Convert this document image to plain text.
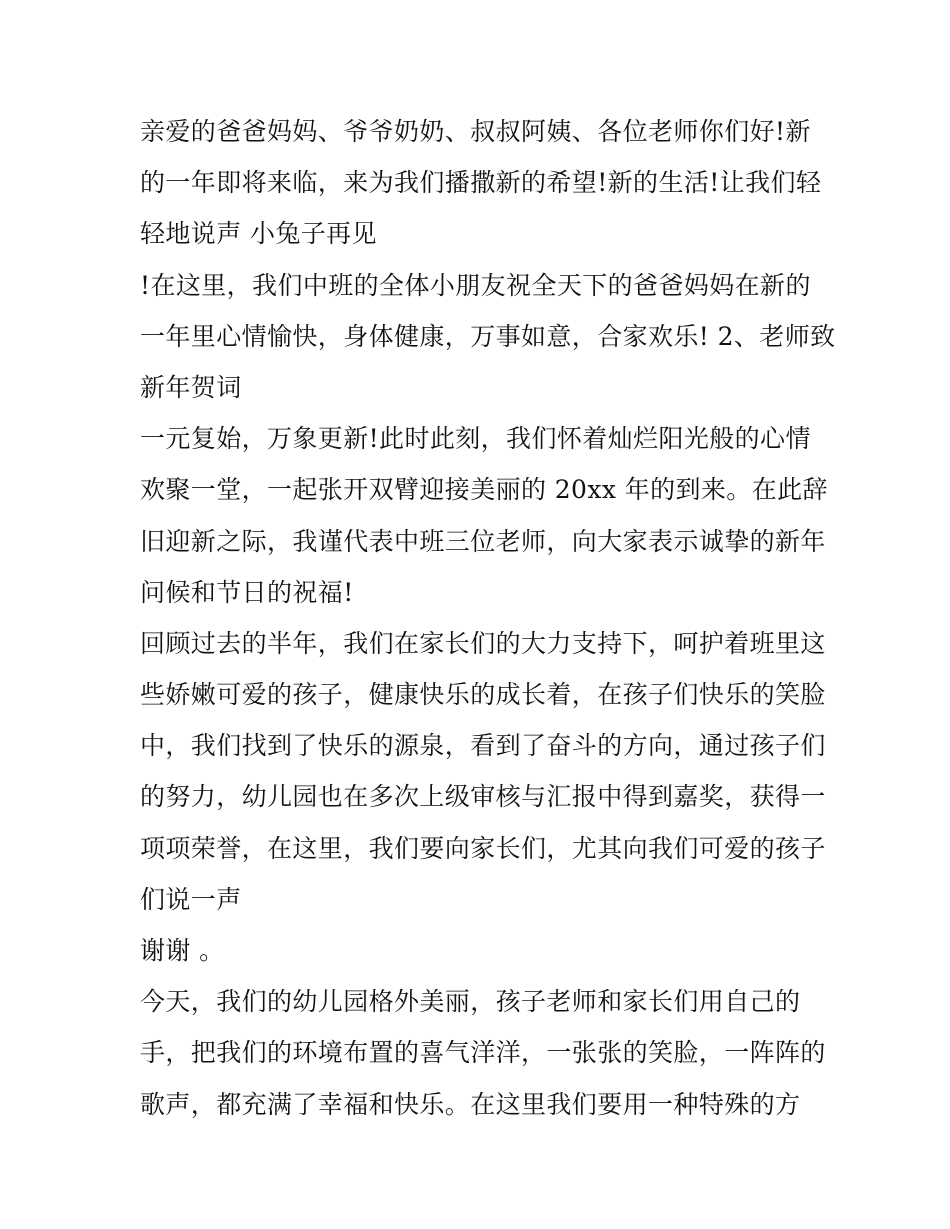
亲爱的爸爸妈妈、爷爷奶奶、叔叔阿姨、各位老师你们好!新
的一年即将来临，来为我们播撒新的希望!新的生活!让我们轻
轻地说声 小兔子再见
!在这里，我们中班的全体小朋友祝全天下的爸爸妈妈在新的
一年里心情愉快，身体健康，万事如意，合家欢乐! 2、老师致
新年贺词
一元复始，万象更新!此时此刻，我们怀着灿烂阳光般的心情
欢聚一堂，一起张开双臂迎接美丽的 20xx 年的到来。在此辞
旧迎新之际，我谨代表中班三位老师，向大家表示诚挚的新年
问候和节日的祝福!
回顾过去的半年，我们在家长们的大力支持下，呵护着班里这
些娇嫩可爱的孩子，健康快乐的成长着，在孩子们快乐的笑脸
中，我们找到了快乐的源泉，看到了奋斗的方向，通过孩子们
的努力，幼儿园也在多次上级审核与汇报中得到嘉奖，获得一
项项荣誉，在这里，我们要向家长们，尤其向我们可爱的孩子
们说一声
谢谢 。
今天，我们的幼儿园格外美丽，孩子老师和家长们用自己的
手，把我们的环境布置的喜气洋洋，一张张的笑脸，一阵阵的
歌声，都充满了幸福和快乐。在这里我们要用一种特殊的方
